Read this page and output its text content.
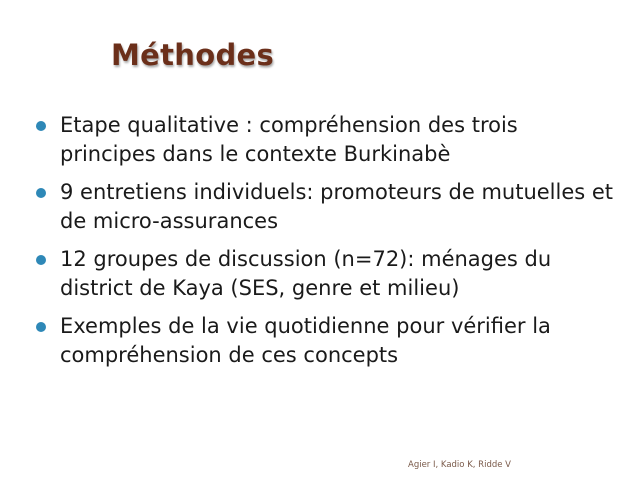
Méthodes
Etape qualitative : compréhension des trois principes dans le contexte Burkinabè
9 entretiens individuels: promoteurs de mutuelles et de micro-assurances
12 groupes de discussion (n=72): ménages du district de Kaya (SES, genre et milieu)
Exemples de la vie quotidienne pour vérifier la compréhension de ces concepts
Agier I, Kadio K, Ridde V
